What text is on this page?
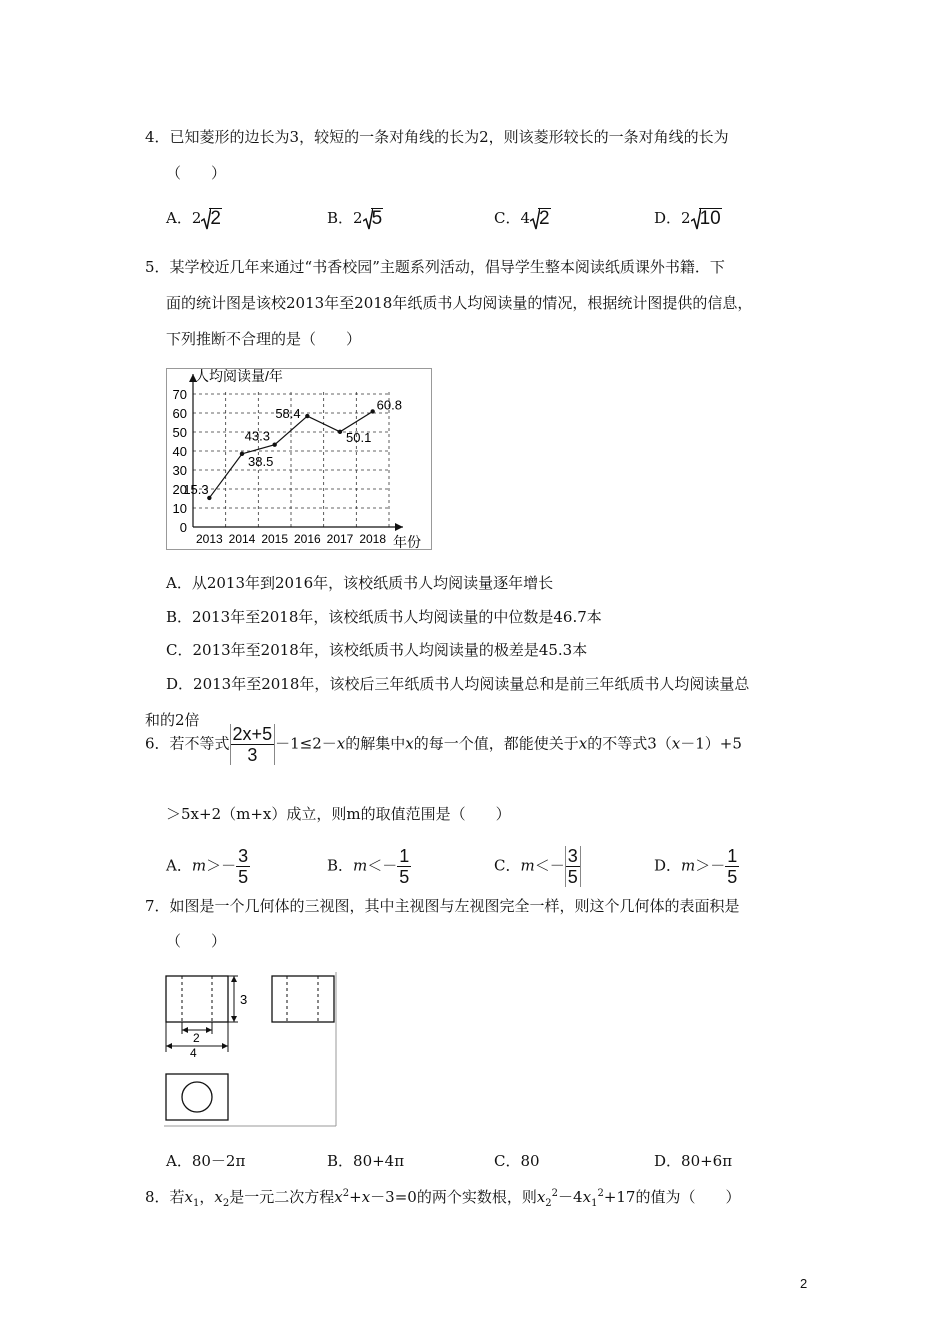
4．已知菱形的边长为3，较短的一条对角线的长为2，则该菱形较长的一条对角线的长为
（　　）
A．2 2	B．2 5	C．4 2	D．2 10
5．某学校近几年来通过“书香校园”主题系列活动，倡导学生整本阅读纸质课外书籍．下
面的统计图是该校2013年至2018年纸质书人均阅读量的情况，根据统计图提供的信息，
下列推断不合理的是（　　）
0
10
20
30
40
50
60
70
2013 2014 2015 2016 2017 2018
人均阅读量/年
年份
15.3
38.5
43.3
58.4
50.1
60.8
A．从2013年到2016年，该校纸质书人均阅读量逐年增长
B．2013年至2018年，该校纸质书人均阅读量的中位数是46.7本
C．2013年至2018年，该校纸质书人均阅读量的极差是45.3本
D．2013年至2018年，该校后三年纸质书人均阅读量总和是前三年纸质书人均阅读量总
和的2倍
6．若不等式 $\frac{2x+5}{3} -1\le 2-x$的解集中x的每一个值，都能使关于x的不等式3（x－1）+5
＞5x+2（m+x）成立，则m的取值范围是（　　）
A．$m>- \frac{3}{5}$	B．$m<- \frac{1}{5}$	C．$m<- \frac{3}{5}$	D．$m>- \frac{1}{5}$
7．如图是一个几何体的三视图，其中主视图与左视图完全一样，则这个几何体的表面积是
（　　）
3
2
4
A．80－2π	B．80+4π	C．80	D．80+6π
8．若$x_1$，$x_2$是一元二次方程$x^2+x-3=0$的两个实数根，则$x_2^2-4x_1^2+17$的值为（　　）
2
